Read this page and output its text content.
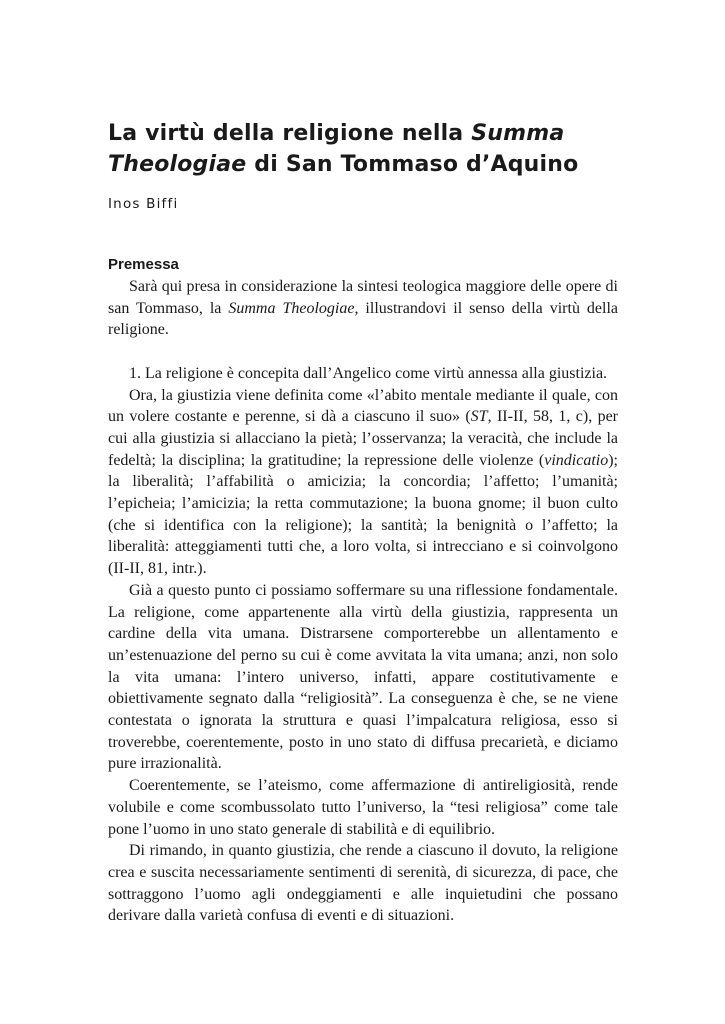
La virtù della religione nella Summa Theologiae di San Tommaso d’Aquino
Inos Biffi
Premessa

Sarà qui presa in considerazione la sintesi teologica maggiore delle opere di san Tommaso, la Summa Theologiae, illustrandovi il senso della virtù della religione.

1. La religione è concepita dall’Angelico come virtù annessa alla giustizia.

Ora, la giustizia viene definita come «l’abito mentale mediante il quale, con un volere costante e perenne, si dà a ciascuno il suo» (ST, II-II, 58, 1, c), per cui alla giustizia si allacciano la pietà; l’osservanza; la veracità, che include la fedeltà; la disciplina; la gratitudine; la repressione delle violenze (vindicatio); la liberalità; l’affabilità o amicizia; la concordia; l’affetto; l’umanità; l’epicheia; l’amicizia; la retta commutazione; la buona gnome; il buon culto (che si identifica con la religione); la santità; la benignità o l’affetto; la liberalità: atteggiamenti tutti che, a loro volta, si intrecciano e si coinvolgono (II-II, 81, intr.).

Già a questo punto ci possiamo soffermare su una riflessione fondamentale. La religione, come appartenente alla virtù della giustizia, rappresenta un cardine della vita umana. Distrarsene comporterebbe un allentamento e un’estenuazione del perno su cui è come avvitata la vita umana; anzi, non solo la vita umana: l’intero universo, infatti, appare costitutivamente e obiettivamente segnato dalla “religiosità”. La conseguenza è che, se ne viene contestata o ignorata la struttura e quasi l’impalcatura religiosa, esso si troverebbe, coerentemente, posto in uno stato di diffusa precarietà, e diciamo pure irrazionalità.

Coerentemente, se l’ateismo, come affermazione di antireligiosità, rende volubile e come scombussolato tutto l’universo, la “tesi religiosa” come tale pone l’uomo in uno stato generale di stabilità e di equilibrio.

Di rimando, in quanto giustizia, che rende a ciascuno il dovuto, la religione crea e suscita necessariamente sentimenti di serenità, di sicurezza, di pace, che sottraggono l’uomo agli ondeggiamenti e alle inquietudini che possano derivare dalla varietà confusa di eventi e di situazioni.
